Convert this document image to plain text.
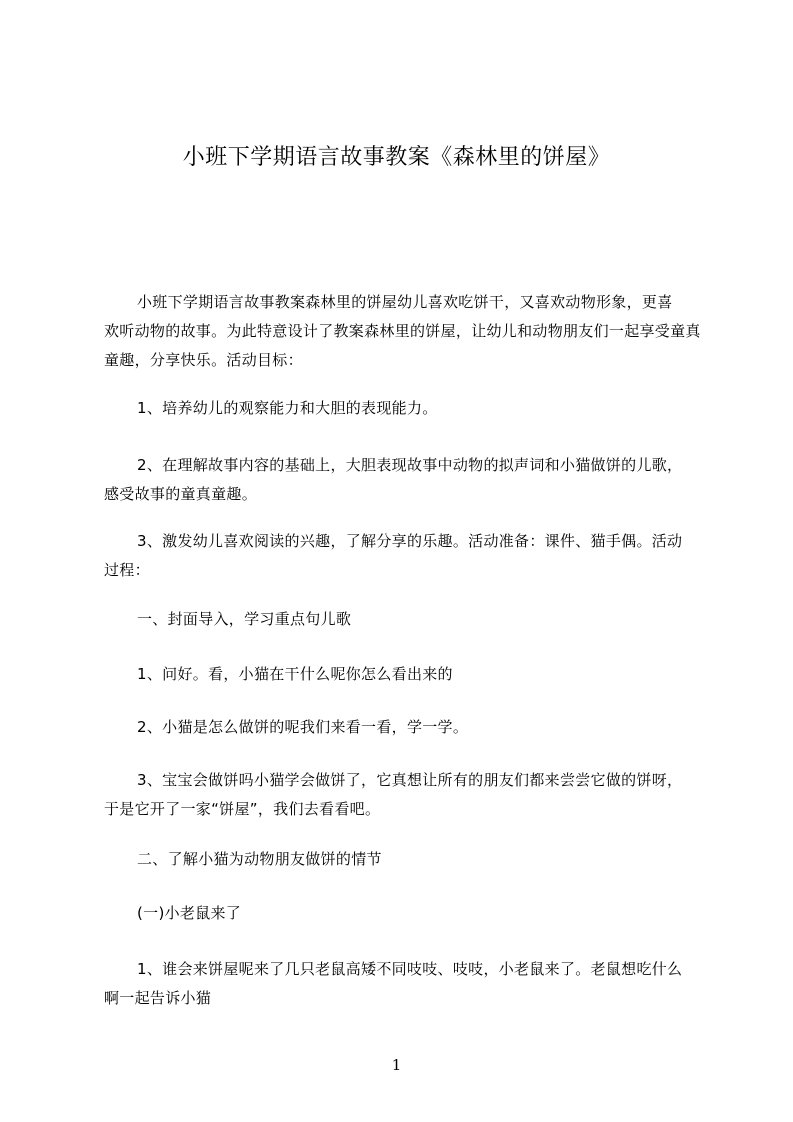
小班下学期语言故事教案《森林里的饼屋》
小班下学期语言故事教案森林里的饼屋幼儿喜欢吃饼干，又喜欢动物形象，更喜
欢听动物的故事。为此特意设计了教案森林里的饼屋，让幼儿和动物朋友们一起享受童真童趣，分享快乐。活动目标：
1、培养幼儿的观察能力和大胆的表现能力。
2、在理解故事内容的基础上，大胆表现故事中动物的拟声词和小猫做饼的儿歌，
感受故事的童真童趣。
3、激发幼儿喜欢阅读的兴趣，了解分享的乐趣。活动准备：课件、猫手偶。活动
过程：
一、封面导入，学习重点句儿歌
1、问好。看，小猫在干什么呢你怎么看出来的
2、小猫是怎么做饼的呢我们来看一看，学一学。
3、宝宝会做饼吗小猫学会做饼了，它真想让所有的朋友们都来尝尝它做的饼呀，
于是它开了一家“饼屋”，我们去看看吧。
二、了解小猫为动物朋友做饼的情节
(一)小老鼠来了
1、谁会来饼屋呢来了几只老鼠高矮不同吱吱、吱吱，小老鼠来了。老鼠想吃什么
啊一起告诉小猫
1
